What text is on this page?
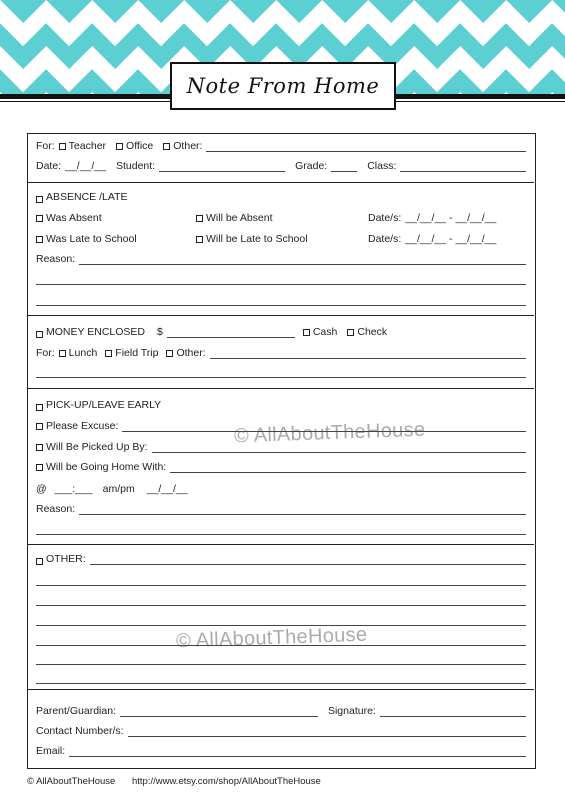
Note From Home
For: Teacher Office Other:
Date: __/__/__ Student:	Grade:	Class:
ABSENCE /LATE
Was Absent	Will be Absent	Date/s: __/__/__ - __/__/__
Was Late to School	Will be Late to School	Date/s: __/__/__ - __/__/__
Reason:
MONEY ENCLOSED $	Cash Check
For: Lunch Field Trip Other:
© AllAboutTheHouse
PICK-UP/LEAVE EARLY
Please Excuse:
Will Be Picked Up By:
Will be Going Home With:
@ ___:___ am/pm __/__/__
Reason:
© AllAboutTheHouse
OTHER:
Parent/Guardian:	Signature:
Contact Number/s:
Email:
© AllAboutTheHouse http://www.etsy.com/shop/AllAboutTheHouse
